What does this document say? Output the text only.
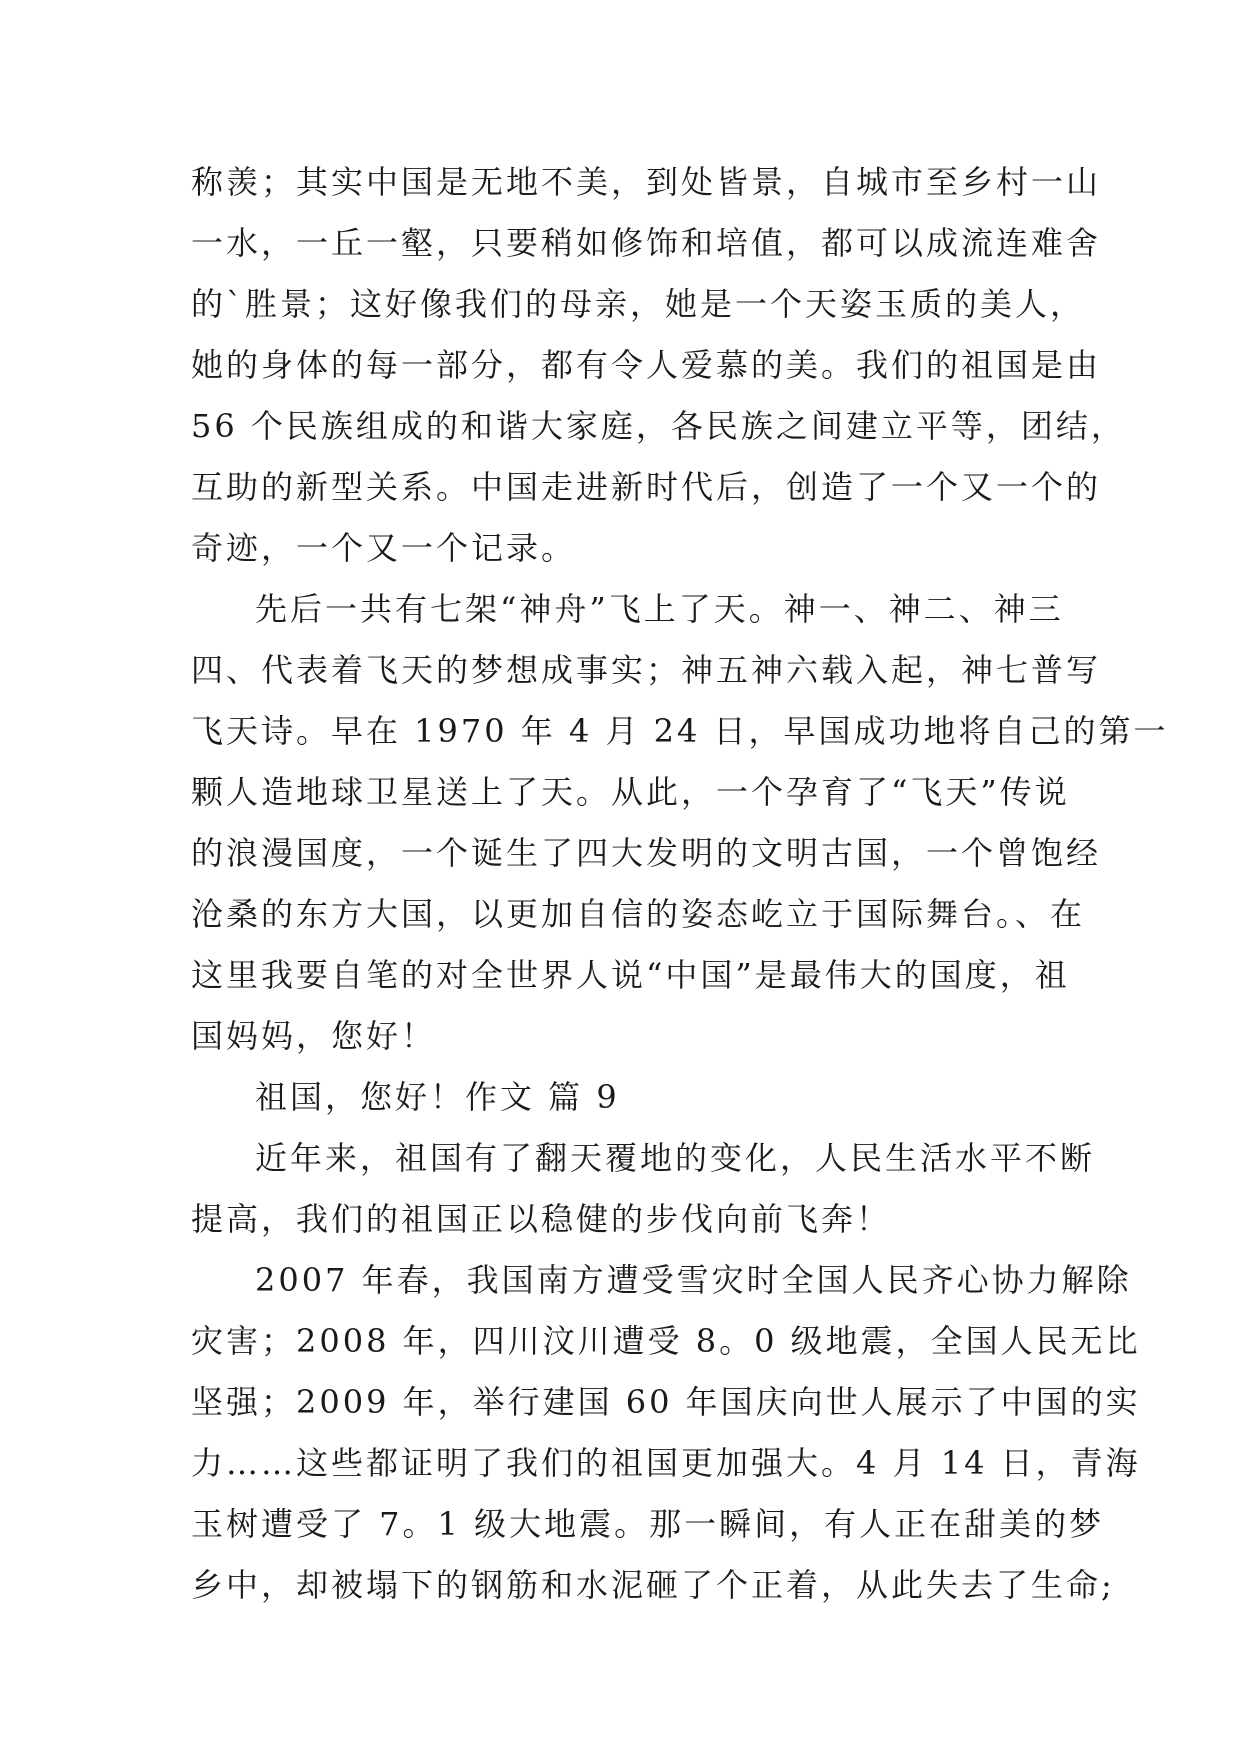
称羡；其实中国是无地不美，到处皆景，自城市至乡村一山
一水，一丘一壑，只要稍如修饰和培值，都可以成流连难舍
的`胜景；这好像我们的母亲，她是一个天姿玉质的美人，
她的身体的每一部分，都有令人爱慕的美。我们的祖国是由
56 个民族组成的和谐大家庭，各民族之间建立平等，团结，
互助的新型关系。中国走进新时代后，创造了一个又一个的
奇迹，一个又一个记录。
先后一共有七架“神舟”飞上了天。神一、神二、神三
四、代表着飞天的梦想成事实；神五神六载入起，神七普写
飞天诗。早在 1970 年 4 月 24 日，早国成功地将自己的第一
颗人造地球卫星送上了天。从此，一个孕育了“飞天”传说
的浪漫国度，一个诞生了四大发明的文明古国，一个曾饱经
沧桑的东方大国，以更加自信的姿态屹立于国际舞台。、在
这里我要自笔的对全世界人说“中国”是最伟大的国度，祖
国妈妈，您好！
祖国，您好！作文 篇 9
近年来，祖国有了翻天覆地的变化，人民生活水平不断
提高，我们的祖国正以稳健的步伐向前飞奔！
2007 年春，我国南方遭受雪灾时全国人民齐心协力解除
灾害；2008 年，四川汶川遭受 8。0 级地震，全国人民无比
坚强；2009 年，举行建国 60 年国庆向世人展示了中国的实
力……这些都证明了我们的祖国更加强大。4 月 14 日，青海
玉树遭受了 7。1 级大地震。那一瞬间，有人正在甜美的梦
乡中，却被塌下的钢筋和水泥砸了个正着，从此失去了生命;
